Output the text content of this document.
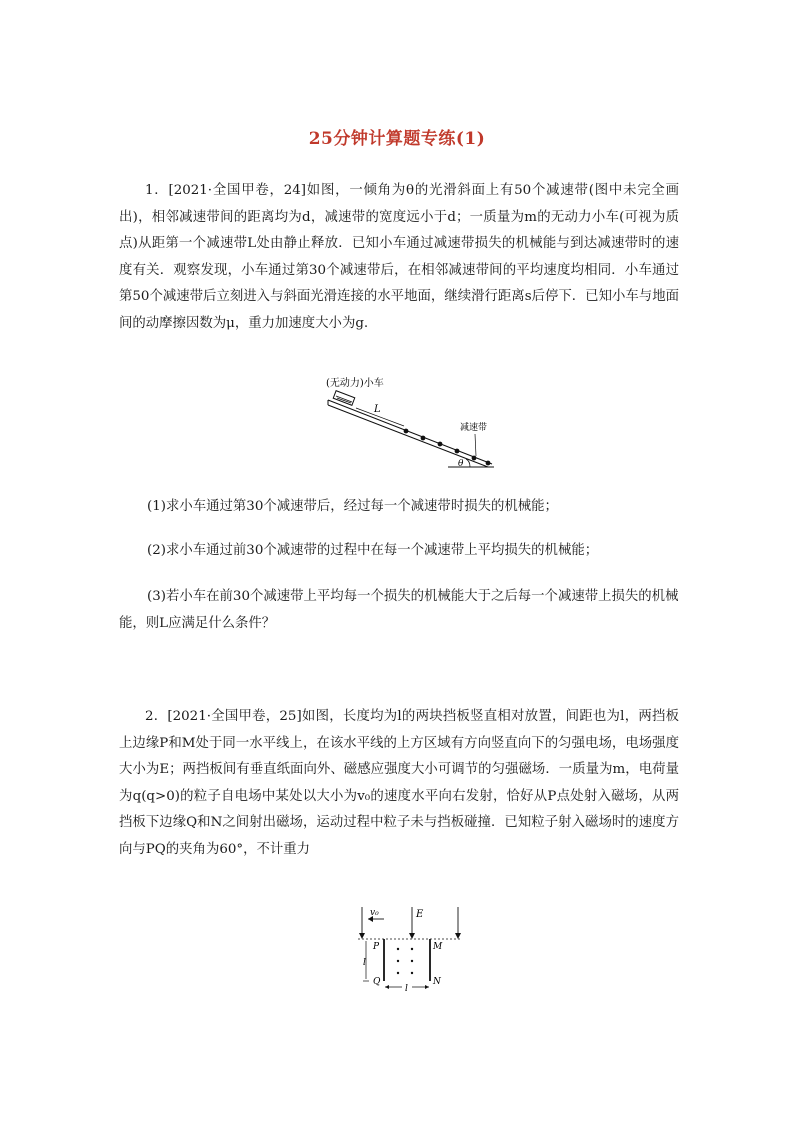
25分钟计算题专练(1)
1．[2021·全国甲卷，24]如图，一倾角为θ的光滑斜面上有50个减速带(图中未完全画出)，相邻减速带间的距离均为d，减速带的宽度远小于d；一质量为m的无动力小车(可视为质点)从距第一个减速带L处由静止释放．已知小车通过减速带损失的机械能与到达减速带时的速度有关．观察发现，小车通过第30个减速带后，在相邻减速带间的平均速度均相同．小车通过第50个减速带后立刻进入与斜面光滑连接的水平地面，继续滑行距离s后停下．已知小车与地面间的动摩擦因数为μ，重力加速度大小为g.
(无动力)小车
L
减速带
θ
(1)求小车通过第30个减速带后，经过每一个减速带时损失的机械能；
(2)求小车通过前30个减速带的过程中在每一个减速带上平均损失的机械能；
(3)若小车在前30个减速带上平均每一个损失的机械能大于之后每一个减速带上损失的机械能，则L应满足什么条件？
2．[2021·全国甲卷，25]如图，长度均为l的两块挡板竖直相对放置，间距也为l，两挡板上边缘P和M处于同一水平线上，在该水平线的上方区域有方向竖直向下的匀强电场，电场强度大小为E；两挡板间有垂直纸面向外、磁感应强度大小可调节的匀强磁场．一质量为m，电荷量为q(q>0)的粒子自电场中某处以大小为v₀的速度水平向右发射，恰好从P点处射入磁场，从两挡板下边缘Q和N之间射出磁场，运动过程中粒子未与挡板碰撞．已知粒子射入磁场时的速度方向与PQ的夹角为60°，不计重力
v₀	E
P	M
Q	N
l
l
